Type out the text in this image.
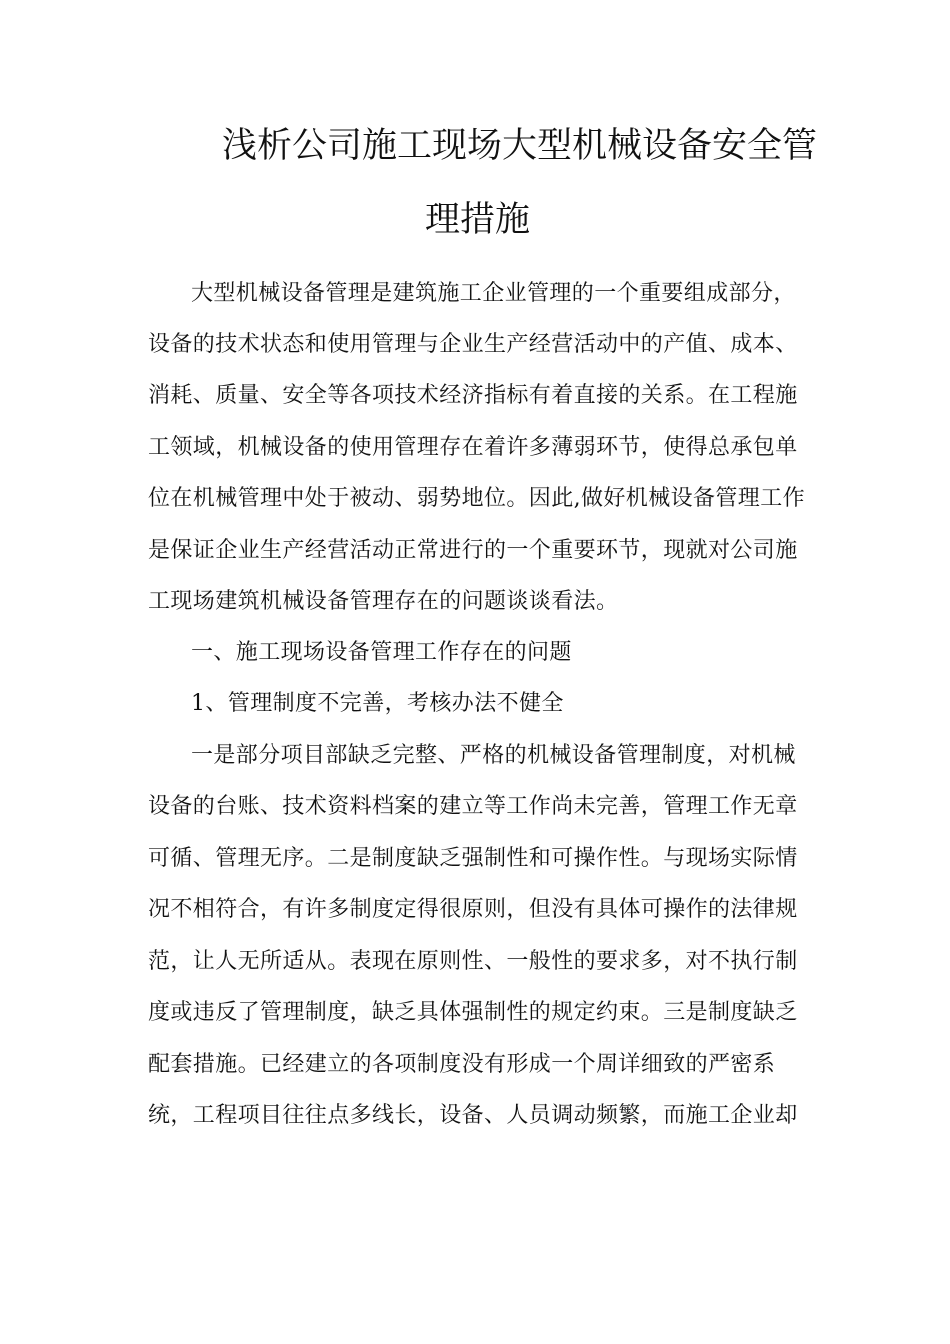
浅析公司施工现场大型机械设备安全管
理措施
大型机械设备管理是建筑施工企业管理的一个重要组成部分，
设备的技术状态和使用管理与企业生产经营活动中的产值、成本、
消耗、质量、安全等各项技术经济指标有着直接的关系。在工程施
工领域，机械设备的使用管理存在着许多薄弱环节，使得总承包单
位在机械管理中处于被动、弱势地位。因此,做好机械设备管理工作
是保证企业生产经营活动正常进行的一个重要环节，现就对公司施
工现场建筑机械设备管理存在的问题谈谈看法。
一、施工现场设备管理工作存在的问题
1、管理制度不完善，考核办法不健全
一是部分项目部缺乏完整、严格的机械设备管理制度，对机械
设备的台账、技术资料档案的建立等工作尚未完善，管理工作无章
可循、管理无序。二是制度缺乏强制性和可操作性。与现场实际情
况不相符合，有许多制度定得很原则，但没有具体可操作的法律规
范，让人无所适从。表现在原则性、一般性的要求多，对不执行制
度或违反了管理制度，缺乏具体强制性的规定约束。三是制度缺乏
配套措施。已经建立的各项制度没有形成一个周详细致的严密系
统，工程项目往往点多线长，设备、人员调动频繁，而施工企业却
